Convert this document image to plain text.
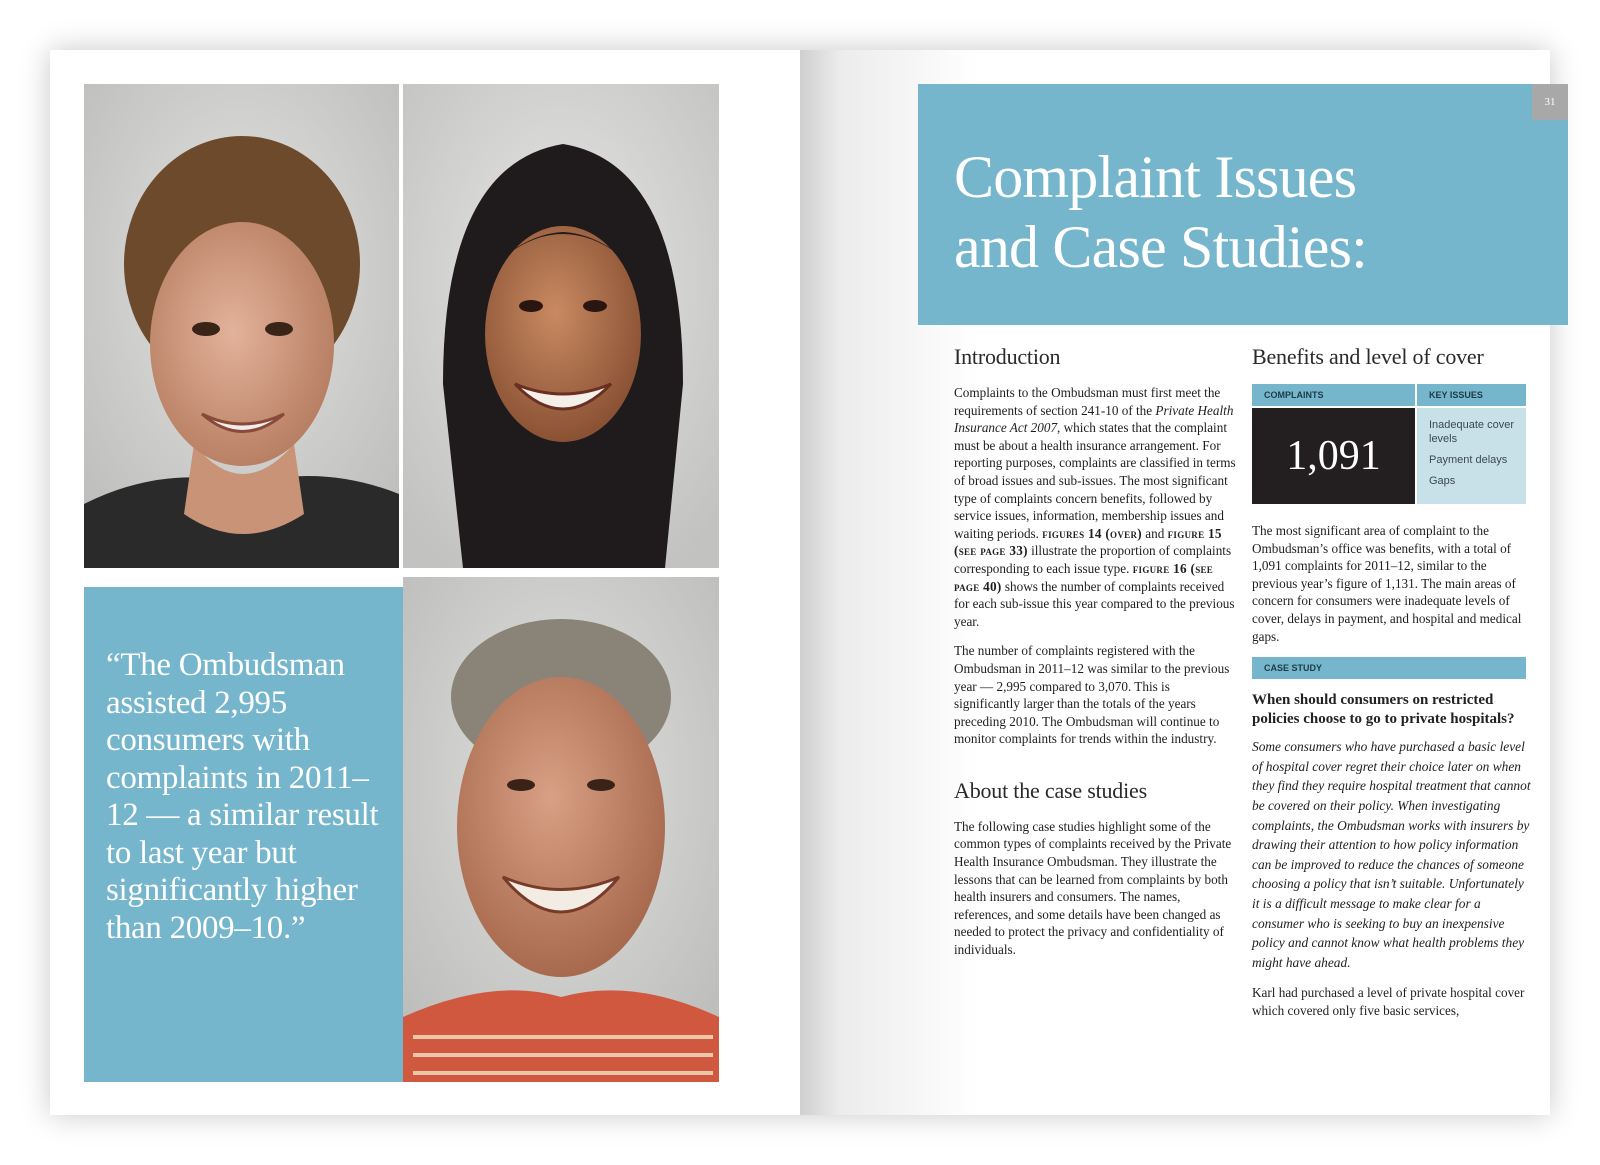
“The Ombudsman assisted 2,995 consumers with complaints in 2011–12 — a similar result to last year but significantly higher than 2009–10.”
31
Complaint Issues
and Case Studies:
Introduction

Complaints to the Ombudsman must first meet the requirements of section 241-10 of the Private Health Insurance Act 2007, which states that the complaint must be about a health insurance arrangement. For reporting purposes, complaints are classified in terms of broad issues and sub-issues. The most significant type of complaints concern benefits, followed by service issues, information, membership issues and waiting periods. figures 14 (over) and figure 15 (see page 33) illustrate the proportion of complaints corresponding to each issue type. figure 16 (see page 40) shows the number of complaints received for each sub-issue this year compared to the previous year.

The number of complaints registered with the Ombudsman in 2011–12 was similar to the previous year — 2,995 compared to 3,070. This is significantly larger than the totals of the years preceding 2010. The Ombudsman will continue to monitor complaints for trends within the industry.

About the case studies

The following case studies highlight some of the common types of complaints received by the Private Health Insurance Ombudsman. They illustrate the lessons that can be learned from complaints by both health insurers and consumers. The names, references, and some details have been changed as needed to protect the privacy and confidentiality of individuals.

Benefits and level of cover
COMPLAINTS	KEY ISSUES
1,091
Inadequate cover levels
Payment delays
Gaps

The most significant area of complaint to the Ombudsman’s office was benefits, with a total of 1,091 complaints for 2011–12, similar to the previous year’s figure of 1,131. The main areas of concern for consumers were inadequate levels of cover, delays in payment, and hospital and medical gaps.

CASE STUDY
When should consumers on restricted policies choose to go to private hospitals?
Some consumers who have purchased a basic level of hospital cover regret their choice later on when they find they require hospital treatment that cannot be covered on their policy. When investigating complaints, the Ombudsman works with insurers by drawing their attention to how policy information can be improved to reduce the chances of someone choosing a policy that isn’t suitable. Unfortunately it is a difficult message to make clear for a consumer who is seeking to buy an inexpensive policy and cannot know what health problems they might have ahead.

Karl had purchased a level of private hospital cover which covered only five basic services,
